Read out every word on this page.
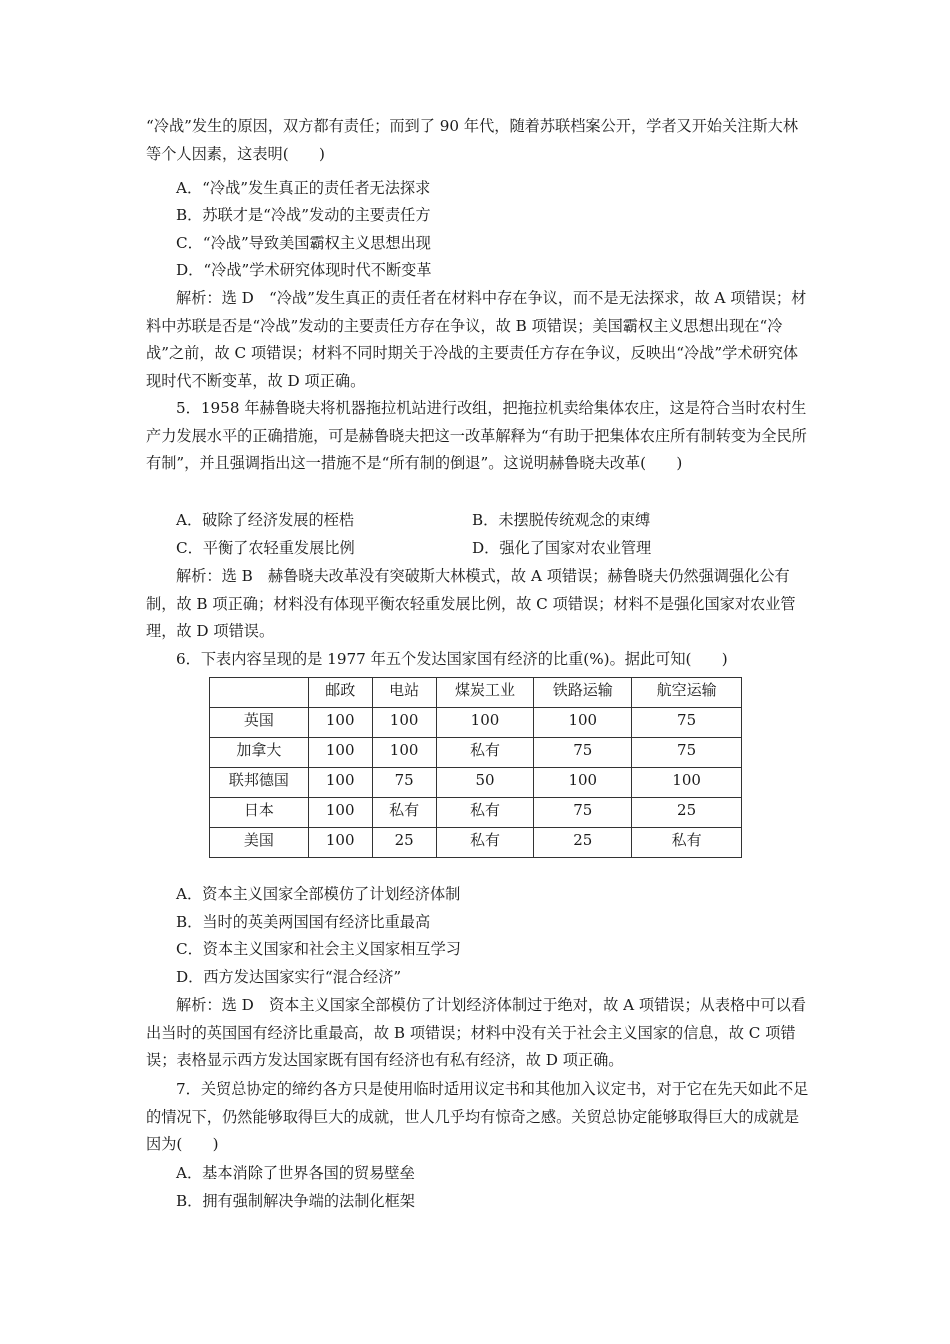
“冷战”发生的原因，双方都有责任；而到了 90 年代，随着苏联档案公开，学者又开始关注斯大林等个人因素，这表明(　　)

A．“冷战”发生真正的责任者无法探求
B．苏联才是“冷战”发动的主要责任方
C．“冷战”导致美国霸权主义思想出现
D．“冷战”学术研究体现时代不断变革

解析：选 D　“冷战”发生真正的责任者在材料中存在争议，而不是无法探求，故 A 项错误；材料中苏联是否是“冷战”发动的主要责任方存在争议，故 B 项错误；美国霸权主义思想出现在“冷战”之前，故 C 项错误；材料不同时期关于冷战的主要责任方存在争议，反映出“冷战”学术研究体现时代不断变革，故 D 项正确。

5．1958 年赫鲁晓夫将机器拖拉机站进行改组，把拖拉机卖给集体农庄，这是符合当时农村生产力发展水平的正确措施，可是赫鲁晓夫把这一改革解释为“有助于把集体农庄所有制转变为全民所有制”，并且强调指出这一措施不是“所有制的倒退”。这说明赫鲁晓夫改革(　　)

A．破除了经济发展的桎梏	B．未摆脱传统观念的束缚
C．平衡了农轻重发展比例	D．强化了国家对农业管理

解析：选 B　赫鲁晓夫改革没有突破斯大林模式，故 A 项错误；赫鲁晓夫仍然强调强化公有制，故 B 项正确；材料没有体现平衡农轻重发展比例，故 C 项错误；材料不是强化国家对农业管理，故 D 项错误。

6．下表内容呈现的是 1977 年五个发达国家国有经济的比重(%)。据此可知(　　)

	邮政	电站	煤炭工业	铁路运输	航空运输
英国	100	100	100	100	75
加拿大	100	100	私有	75	75
联邦德国	100	75	50	100	100
日本	100	私有	私有	75	25
美国	100	25	私有	25	私有
A．资本主义国家全部模仿了计划经济体制
B．当时的英美两国国有经济比重最高
C．资本主义国家和社会主义国家相互学习
D．西方发达国家实行“混合经济”

解析：选 D　资本主义国家全部模仿了计划经济体制过于绝对，故 A 项错误；从表格中可以看出当时的英国国有经济比重最高，故 B 项错误；材料中没有关于社会主义国家的信息，故 C 项错误；表格显示西方发达国家既有国有经济也有私有经济，故 D 项正确。

7．关贸总协定的缔约各方只是使用临时适用议定书和其他加入议定书，对于它在先天如此不足的情况下，仍然能够取得巨大的成就，世人几乎均有惊奇之感。关贸总协定能够取得巨大的成就是因为(　　)

A．基本消除了世界各国的贸易壁垒
B．拥有强制解决争端的法制化框架
